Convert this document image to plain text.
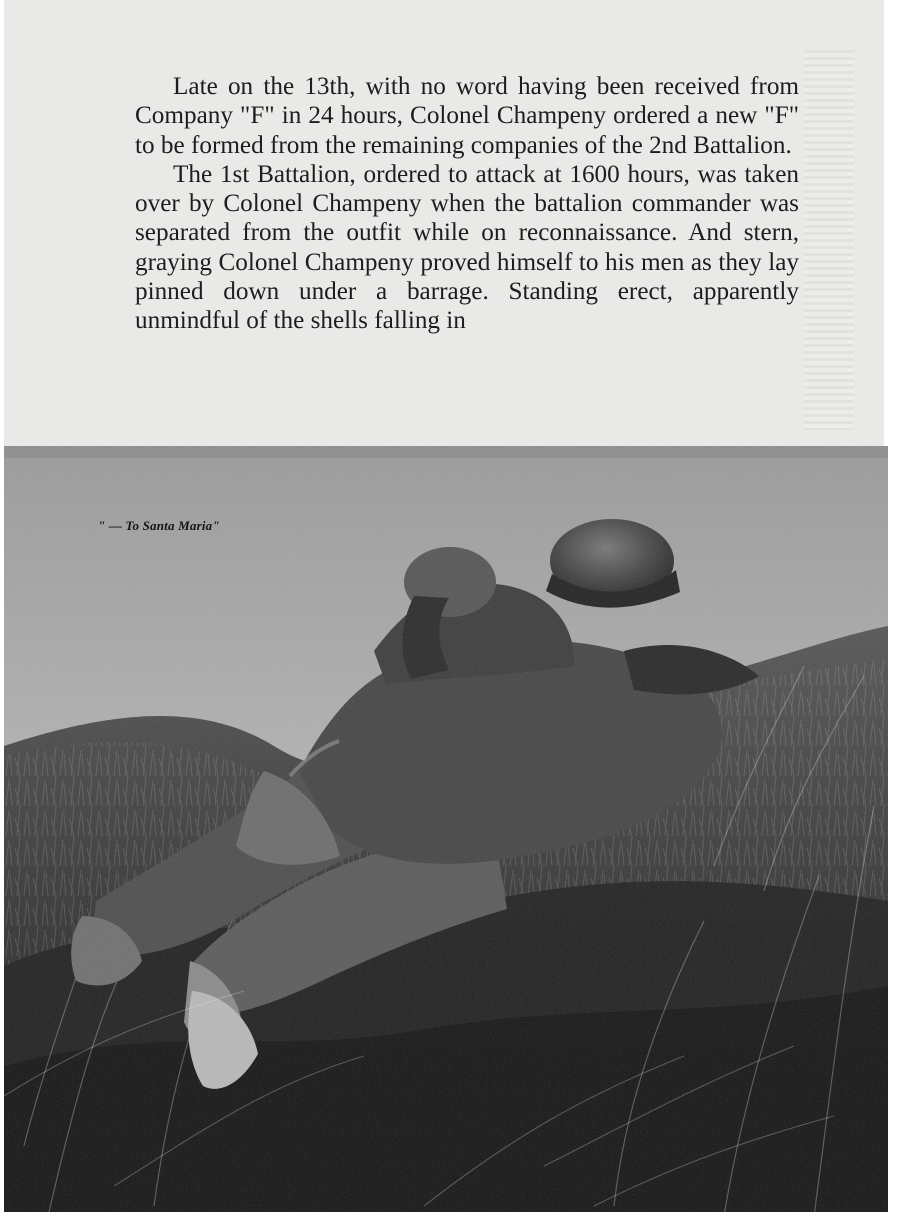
Late on the 13th, with no word having been received from Company "F" in 24 hours, Colonel Champeny ordered a new "F" to be formed from the remaining companies of the 2nd Battalion.

The 1st Battalion, ordered to attack at 1600 hours, was taken over by Colonel Champeny when the battalion commander was separated from the outfit while on reconnaissance. And stern, graying Colonel Champeny proved himself to his men as they lay pinned down under a barrage. Standing erect, apparently unmindful of the shells falling in

" — To Santa Maria"
